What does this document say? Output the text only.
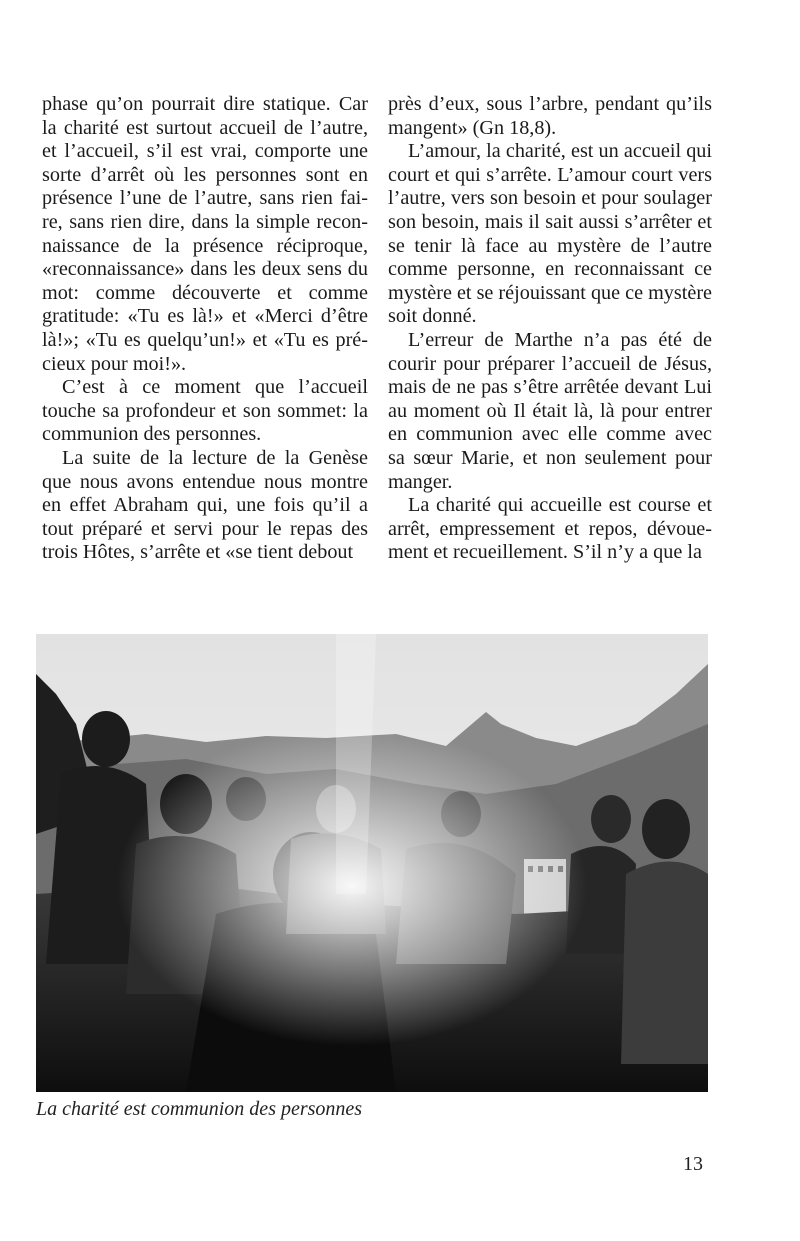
phase qu’on pourrait dire statique. Car la charité est surtout accueil de l’autre, et l’accueil, s’il est vrai, comporte une sorte d’arrêt où les personnes sont en présence l’une de l’autre, sans rien faire, sans rien dire, dans la simple reconnaissance de la présence réciproque, «reconnaissance» dans les deux sens du mot: comme découverte et comme gratitude: «Tu es là!» et «Merci d’être là!»; «Tu es quelqu’un!» et «Tu es précieux pour moi!».

C’est à ce moment que l’accueil touche sa profondeur et son sommet: la communion des personnes.

La suite de la lecture de la Genèse que nous avons entendue nous montre en effet Abraham qui, une fois qu’il a tout préparé et servi pour le repas des trois Hôtes, s’arrête et «se tient debout

près d’eux, sous l’arbre, pendant qu’ils mangent» (Gn 18,8).

L’amour, la charité, est un accueil qui court et qui s’arrête. L’amour court vers l’autre, vers son besoin et pour soulager son besoin, mais il sait aussi s’arrêter et se tenir là face au mystère de l’autre comme personne, en reconnaissant ce mystère et se réjouissant que ce mystère soit donné.

L’erreur de Marthe n’a pas été de courir pour préparer l’accueil de Jésus, mais de ne pas s’être arrêtée devant Lui au moment où Il était là, là pour entrer en communion avec elle comme avec sa sœur Marie, et non seulement pour manger.

La charité qui accueille est course et arrêt, empressement et repos, dévouement et recueillement. S’il n’y a que la

La charité est communion des personnes
13
